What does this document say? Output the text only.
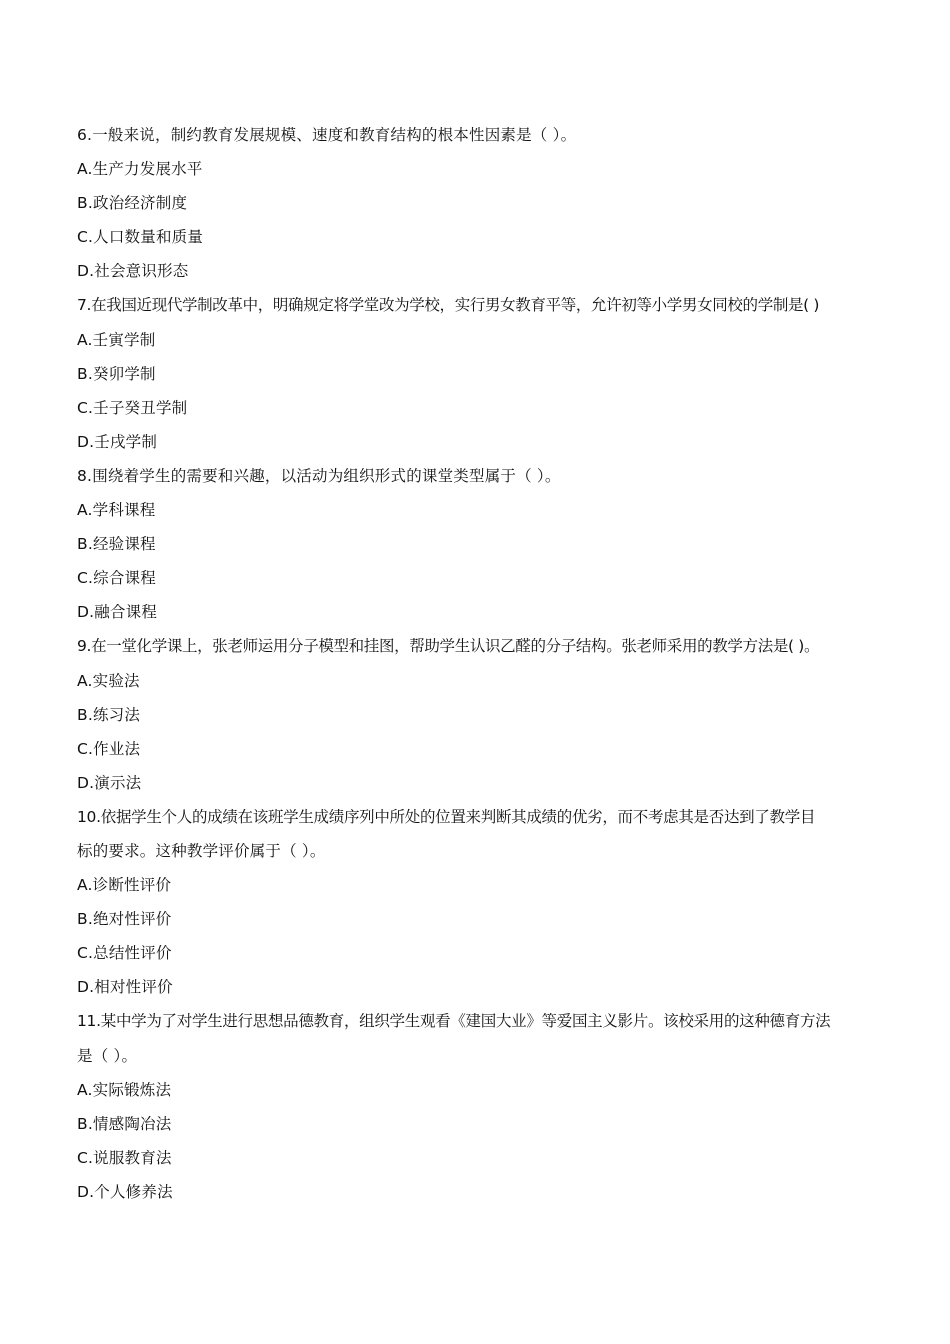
6.一般来说，制约教育发展规模、速度和教育结构的根本性因素是（ ）。
A.生产力发展水平
B.政治经济制度
C.人口数量和质量
D.社会意识形态
7.在我国近现代学制改革中，明确规定将学堂改为学校，实行男女教育平等，允许初等小学男女同校的学制是( )
A.壬寅学制
B.癸卯学制
C.壬子癸丑学制
D.壬戌学制
8.围绕着学生的需要和兴趣，以活动为组织形式的课堂类型属于（ ）。
A.学科课程
B.经验课程
C.综合课程
D.融合课程
9.在一堂化学课上，张老师运用分子模型和挂图，帮助学生认识乙醛的分子结构。张老师采用的教学方法是( )。
A.实验法
B.练习法
C.作业法
D.演示法
10.依据学生个人的成绩在该班学生成绩序列中所处的位置来判断其成绩的优劣，而不考虑其是否达到了教学目
标的要求。这种教学评价属于（ ）。
A.诊断性评价
B.绝对性评价
C.总结性评价
D.相对性评价
11.某中学为了对学生进行思想品德教育，组织学生观看《建国大业》等爱国主义影片。该校采用的这种德育方法
是（ ）。
A.实际锻炼法
B.情感陶冶法
C.说服教育法
D.个人修养法
